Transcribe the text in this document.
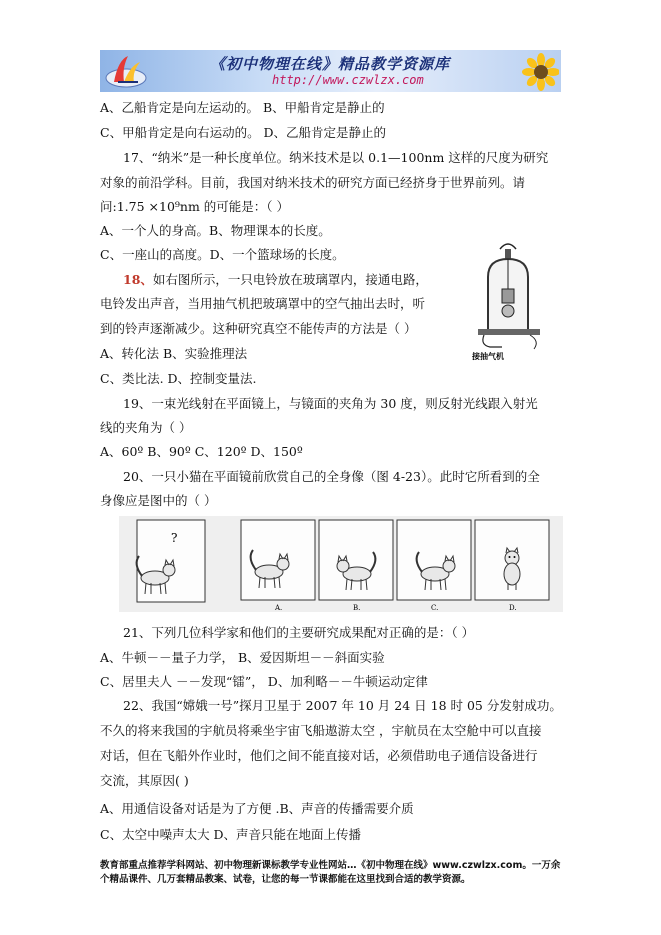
《初中物理在线》精品教学资源库
http://www.czwlzx.com
A、乙船肯定是向左运动的。 B、甲船肯定是静止的
C、甲船肯定是向右运动的。 D、乙船肯定是静止的
17、“纳米”是一种长度单位。纳米技术是以 0.1—100nm 这样的尺度为研究
对象的前沿学科。目前，我国对纳米技术的研究方面已经挤身于世界前列。请
问:1.75 ×10⁹nm 的可能是：（ ）
A、一个人的身高。B、物理课本的长度。
C、一座山的高度。D、一个篮球场的长度。
18、如右图所示，一只电铃放在玻璃罩内，接通电路，
电铃发出声音，当用抽气机把玻璃罩中的空气抽出去时，听
到的铃声逐渐减少。这种研究真空不能传声的方法是（ ）
A、转化法 B、实验推理法
C、类比法. D、控制变量法.
接抽气机
19、一束光线射在平面镜上，与镜面的夹角为 30 度，则反射光线跟入射光
线的夹角为（ ）
A、60º B、90º C、120º D、150º
20、一只小猫在平面镜前欣赏自己的全身像（图 4-23）。此时它所看到的全
身像应是图中的（ ）
?
A.	B.	C.	D.
21、下列几位科学家和他们的主要研究成果配对正确的是：（ ）
A、牛顿－－量子力学， B、爱因斯坦－－斜面实验
C、居里夫人 －－发现“镭”， D、加利略－－牛顿运动定律
22、我国“嫦娥一号”探月卫星于 2007 年 10 月 24 日 18 时 05 分发射成功。
不久的将来我国的宇航员将乘坐宇宙飞船遨游太空 ，宇航员在太空舱中可以直接
对话，但在飞船外作业时，他们之间不能直接对话，必须借助电子通信设备进行
交流，其原因( )
A、用通信设备对话是为了方便 .B、声音的传播需要介质
C、太空中噪声太大 D、声音只能在地面上传播
教育部重点推荐学科网站、初中物理新课标教学专业性网站…《初中物理在线》www.czwlzx.com。一万余
个精品课件、几万套精品教案、试卷，让您的每一节课都能在这里找到合适的教学资源。
